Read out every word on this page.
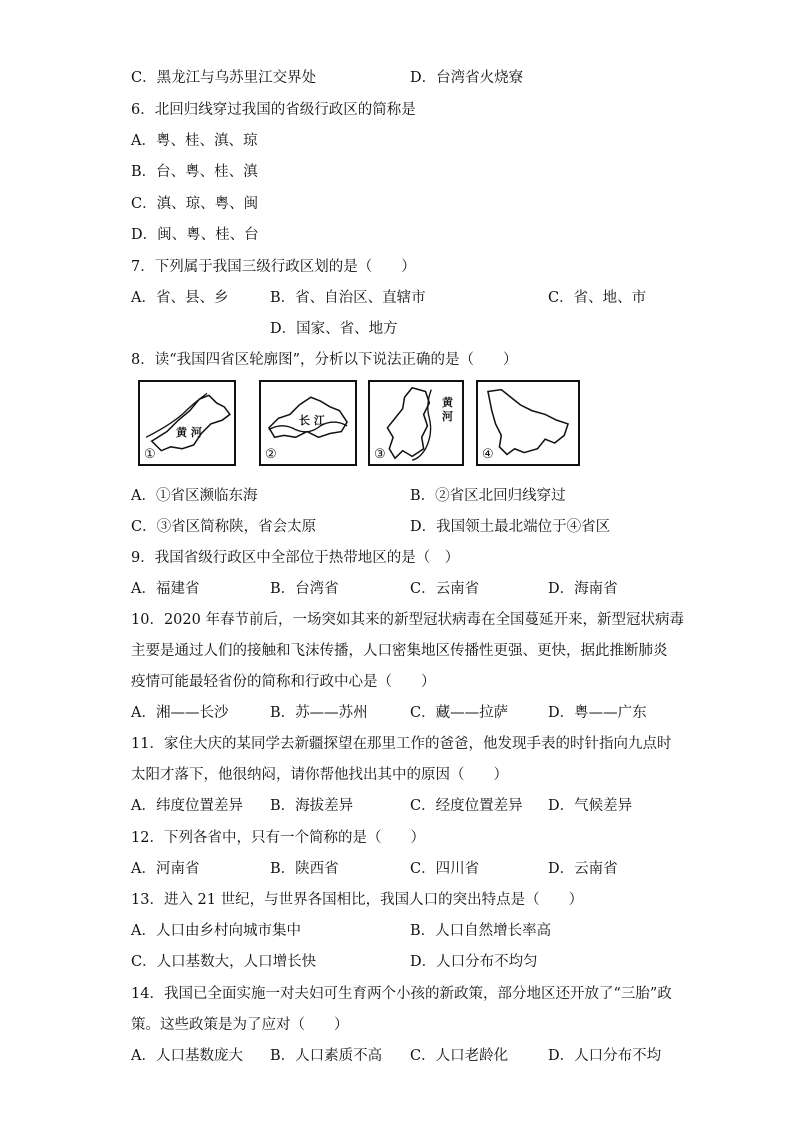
C．黑龙江与乌苏里江交界处	D．台湾省火烧寮
6．北回归线穿过我国的省级行政区的简称是
A．粤、桂、滇、琼
B．台、粤、桂、滇
C．滇、琼、粤、闽
D．闽、粤、桂、台
7．下列属于我国三级行政区划的是（　　）
A．省、县、乡	B．省、自治区、直辖市	C．省、地、市
D．国家、省、地方
8．读“我国四省区轮廓图”，分析以下说法正确的是（　　）
黄 河
①
长 江
②
黄河
③	④
A．①省区濒临东海	B．②省区北回归线穿过
C．③省区简称陕，省会太原	D．我国领土最北端位于④省区
9．我国省级行政区中全部位于热带地区的是（　）
A．福建省	B．台湾省	C．云南省	D．海南省
10．2020 年春节前后，一场突如其来的新型冠状病毒在全国蔓延开来，新型冠状病毒
主要是通过人们的接触和飞沫传播，人口密集地区传播性更强、更快，据此推断肺炎
疫情可能最轻省份的简称和行政中心是（　　）
A．湘——长沙	B．苏——苏州	C．藏——拉萨	D．粤——广东
11．家住大庆的某同学去新疆探望在那里工作的爸爸，他发现手表的时针指向九点时
太阳才落下，他很纳闷，请你帮他找出其中的原因（　　）
A．纬度位置差异 B．海拔差异	C．经度位置差异 D．气候差异
12．下列各省中，只有一个简称的是（　　）
A．河南省	B．陕西省	C．四川省	D．云南省
13．进入 21 世纪，与世界各国相比，我国人口的突出特点是（　　）
A．人口由乡村向城市集中	B．人口自然增长率高
C．人口基数大，人口增长快	D．人口分布不均匀
14．我国已全面实施一对夫妇可生育两个小孩的新政策，部分地区还开放了“三胎”政
策。这些政策是为了应对（　　）
A．人口基数庞大 B．人口素质不高 C．人口老龄化	D．人口分布不均
